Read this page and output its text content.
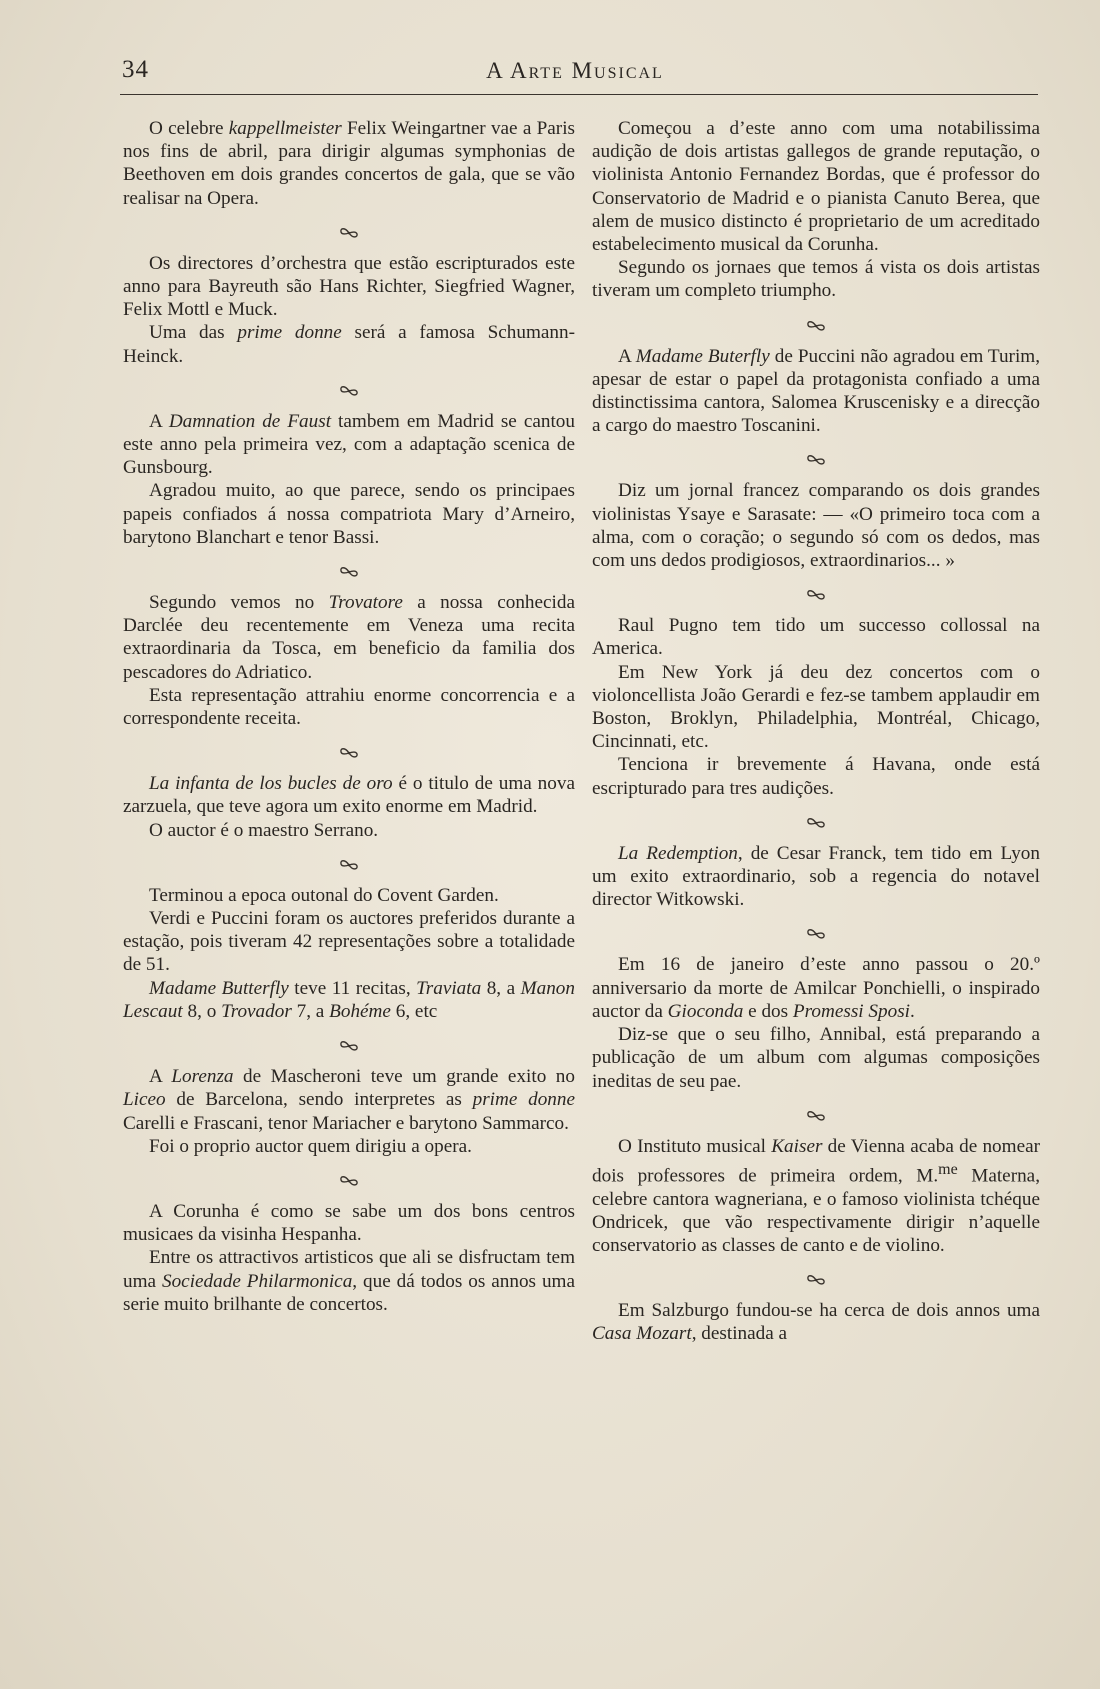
34	A Arte Musical

O celebre kappellmeister Felix Weingartner vae a Paris nos fins de abril, para dirigir algumas symphonias de Beethoven em dois grandes concertos de gala, que se vão realisar na Opera.

Os directores d’orchestra que estão escripturados este anno para Bayreuth são Hans Richter, Siegfried Wagner, Felix Mottl e Muck.

Uma das prime donne será a famosa Schumann-Heinck.

A Damnation de Faust tambem em Madrid se cantou este anno pela primeira vez, com a adaptação scenica de Gunsbourg.

Agradou muito, ao que parece, sendo os principaes papeis confiados á nossa compatriota Mary d’Arneiro, barytono Blanchart e tenor Bassi.

Segundo vemos no Trovatore a nossa conhecida Darclée deu recentemente em Veneza uma recita extraordinaria da Tosca, em beneficio da familia dos pescadores do Adriatico.

Esta representação attrahiu enorme concorrencia e a correspondente receita.

La infanta de los bucles de oro é o titulo de uma nova zarzuela, que teve agora um exito enorme em Madrid.

O auctor é o maestro Serrano.

Terminou a epoca outonal do Covent Garden.

Verdi e Puccini foram os auctores preferidos durante a estação, pois tiveram 42 representações sobre a totalidade de 51.

Madame Butterfly teve 11 recitas, Traviata 8, a Manon Lescaut 8, o Trovador 7, a Bohéme 6, etc

A Lorenza de Mascheroni teve um grande exito no Liceo de Barcelona, sendo interpretes as prime donne Carelli e Frascani, tenor Mariacher e barytono Sammarco.

Foi o proprio auctor quem dirigiu a opera.

A Corunha é como se sabe um dos bons centros musicaes da visinha Hespanha.

Entre os attractivos artisticos que ali se disfructam tem uma Sociedade Philarmonica, que dá todos os annos uma serie muito brilhante de concertos.

Começou a d’este anno com uma notabilissima audição de dois artistas gallegos de grande reputação, o violinista Antonio Fernandez Bordas, que é professor do Conservatorio de Madrid e o pianista Canuto Berea, que alem de musico distincto é proprietario de um acreditado estabelecimento musical da Corunha.

Segundo os jornaes que temos á vista os dois artistas tiveram um completo triumpho.

A Madame Buterfly de Puccini não agradou em Turim, apesar de estar o papel da protagonista confiado a uma distinctissima cantora, Salomea Kruscenisky e a direcção a cargo do maestro Toscanini.

Diz um jornal francez comparando os dois grandes violinistas Ysaye e Sarasate: — «O primeiro toca com a alma, com o coração; o segundo só com os dedos, mas com uns dedos prodigiosos, extraordinarios... »

Raul Pugno tem tido um successo collossal na America.

Em New York já deu dez concertos com o violoncellista João Gerardi e fez-se tambem applaudir em Boston, Broklyn, Philadelphia, Montréal, Chicago, Cincinnati, etc.

Tenciona ir brevemente á Havana, onde está escripturado para tres audições.

La Redemption, de Cesar Franck, tem tido em Lyon um exito extraordinario, sob a regencia do notavel director Witkowski.

Em 16 de janeiro d’este anno passou o 20.º anniversario da morte de Amilcar Ponchielli, o inspirado auctor da Gioconda e dos Promessi Sposi.

Diz-se que o seu filho, Annibal, está preparando a publicação de um album com algumas composições ineditas de seu pae.

O Instituto musical Kaiser de Vienna acaba de nomear dois professores de primeira ordem, M.$^{me}$ Materna, celebre cantora wagneriana, e o famoso violinista tchéque Ondricek, que vão respectivamente dirigir n’aquelle conservatorio as classes de canto e de violino.

Em Salzburgo fundou-se ha cerca de dois annos uma Casa Mozart, destinada a
